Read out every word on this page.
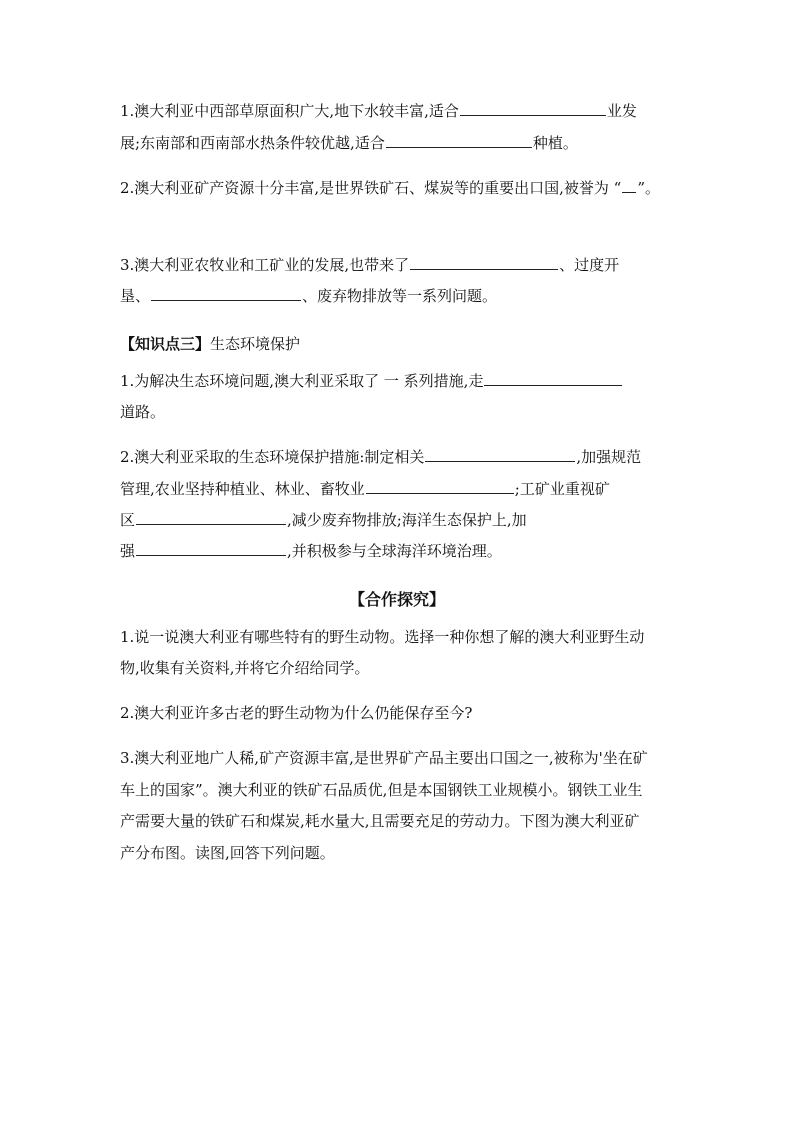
1.澳大利亚中西部草原面积广大,地下水较丰富,适合	业发
展;东南部和西南部水热条件较优越,适合	种植。
2.澳大利亚矿产资源十分丰富,是世界铁矿石、煤炭等的重要出口国,被誉为 “ ”。
3.澳大利亚农牧业和工矿业的发展,也带来了	、过度开
垦、	、废弃物排放等一系列问题。
【知识点三】生态环境保护
1.为解决生态环境问题,澳大利亚采取了 一 系列措施,走
道路。
2.澳大利亚采取的生态环境保护措施:制定相关	,加强规范
管理,农业坚持种植业、林业、畜牧业	;工矿业重视矿
区	,减少废弃物排放;海洋生态保护上,加
强	,并积极参与全球海洋环境治理。
【合作探究】
1.说一说澳大利亚有哪些特有的野生动物。选择一种你想了解的澳大利亚野生动
物,收集有关资料,并将它介绍给同学。
2.澳大利亚许多古老的野生动物为什么仍能保存至今?
3.澳大利亚地广人稀,矿产资源丰富,是世界矿产品主要出口国之一,被称为'坐在矿
车上的国家”。澳大利亚的铁矿石品质优,但是本国钢铁工业规模小。钢铁工业生
产需要大量的铁矿石和煤炭,耗水量大,且需要充足的劳动力。下图为澳大利亚矿
产分布图。读图,回答下列问题。
